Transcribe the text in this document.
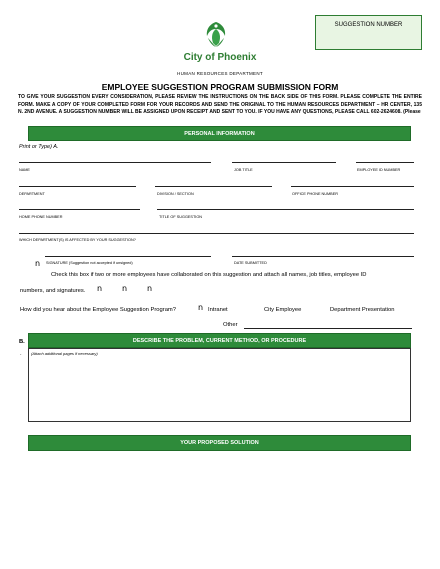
SUGGESTION NUMBER
City of Phoenix
HUMAN RESOURCES DEPARTMENT
EMPLOYEE SUGGESTION PROGRAM SUBMISSION FORM
TO GIVE YOUR SUGGESTION EVERY CONSIDERATION, PLEASE REVIEW THE INSTRUCTIONS ON THE BACK SIDE OF THIS FORM. PLEASE COMPLETE THE ENTIRE FORM. MAKE A COPY OF YOUR COMPLETED FORM FOR YOUR RECORDS AND SEND THE ORIGINAL TO THE HUMAN RESOURCES DEPARTMENT – HR CENTER, 135 N. 2ND AVENUE. A SUGGESTION NUMBER WILL BE ASSIGNED UPON RECEIPT AND SENT TO YOU. IF YOU HAVE ANY QUESTIONS, PLEASE CALL 602-2624608. (Please
PERSONAL INFORMATION
Print or Type) A.
NAME	JOB TITLE	EMPLOYEE ID NUMBER
DEPARTMENT	DIVISION / SECTION	OFFICE PHONE NUMBER
HOME PHONE NUMBER	TITLE OF SUGGESTION
WHICH DEPARTMENT(S) IS AFFECTED BY YOUR SUGGESTION?
n SIGNATURE (Suggestion not accepted if unsigned)	DATE SUBMITTED
Check this box if two or more employees have collaborated on this suggestion and attach all names, job titles, employee ID
numbers, and signatures. n n n
How did you hear about the Employee Suggestion Program?	n Intranet	City Employee	Department Presentation
Other
B.
.
DESCRIBE THE PROBLEM, CURRENT METHOD, OR PROCEDURE
(Attach additional pages if necessary)
YOUR PROPOSED SOLUTION
